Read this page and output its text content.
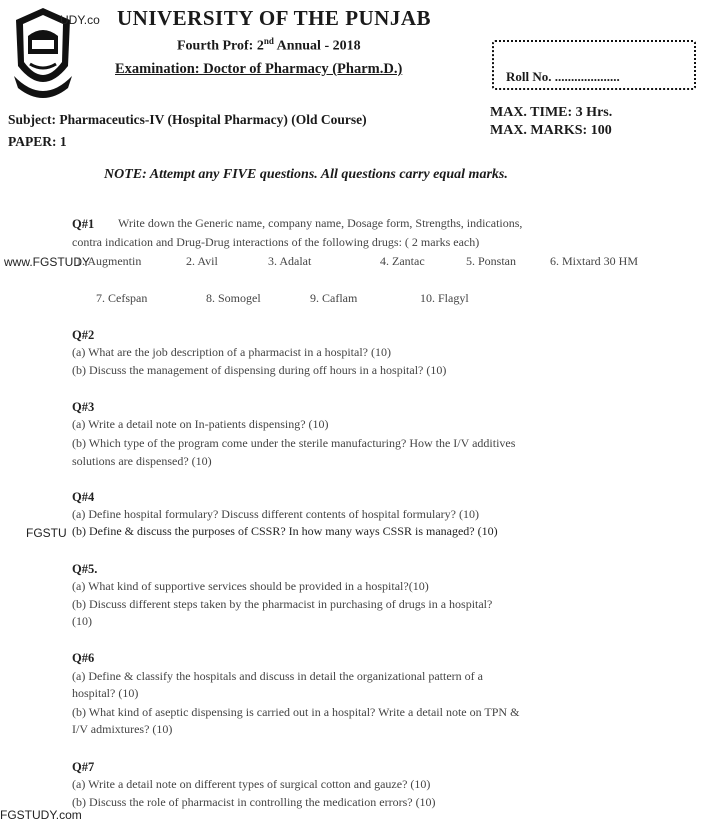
UDY.co
www.FGSTUDY
FGSTU
FGSTUDY.com
UNIVERSITY OF THE PUNJAB
Fourth Prof: 2nd Annual - 2018
Examination: Doctor of Pharmacy (Pharm.D.)	Roll No. ....................
Subject: Pharmaceutics-IV (Hospital Pharmacy) (Old Course)
PAPER: 1
MAX. TIME: 3 Hrs.
MAX. MARKS: 100
NOTE: Attempt any FIVE questions. All questions carry equal marks.
Q#1 Write down the Generic name, company name, Dosage form, Strengths, indications,
contra indication and Drug-Drug interactions of the following drugs: ( 2 marks each)
1. Augmentin	2. Avil	3. Adalat	4. Zantac	5. Ponstan	6. Mixtard 30 HM
7. Cefspan	8. Somogel	9. Caflam	10. Flagyl
Q#2
(a) What are the job description of a pharmacist in a hospital? (10)
(b) Discuss the management of dispensing during off hours in a hospital? (10)
Q#3
(a) Write a detail note on In-patients dispensing? (10)
(b) Which type of the program come under the sterile manufacturing? How the I/V additives
solutions are dispensed? (10)
Q#4
(a) Define hospital formulary? Discuss different contents of hospital formulary? (10)
(b) Define & discuss the purposes of CSSR? In how many ways CSSR is managed? (10)
Q#5.
(a) What kind of supportive services should be provided in a hospital?(10)
(b) Discuss different steps taken by the pharmacist in purchasing of drugs in a hospital?
(10)
Q#6
(a) Define & classify the hospitals and discuss in detail the organizational pattern of a
hospital? (10)
(b) What kind of aseptic dispensing is carried out in a hospital? Write a detail note on TPN &
I/V admixtures? (10)
Q#7
(a) Write a detail note on different types of surgical cotton and gauze? (10)
(b) Discuss the role of pharmacist in controlling the medication errors? (10)
